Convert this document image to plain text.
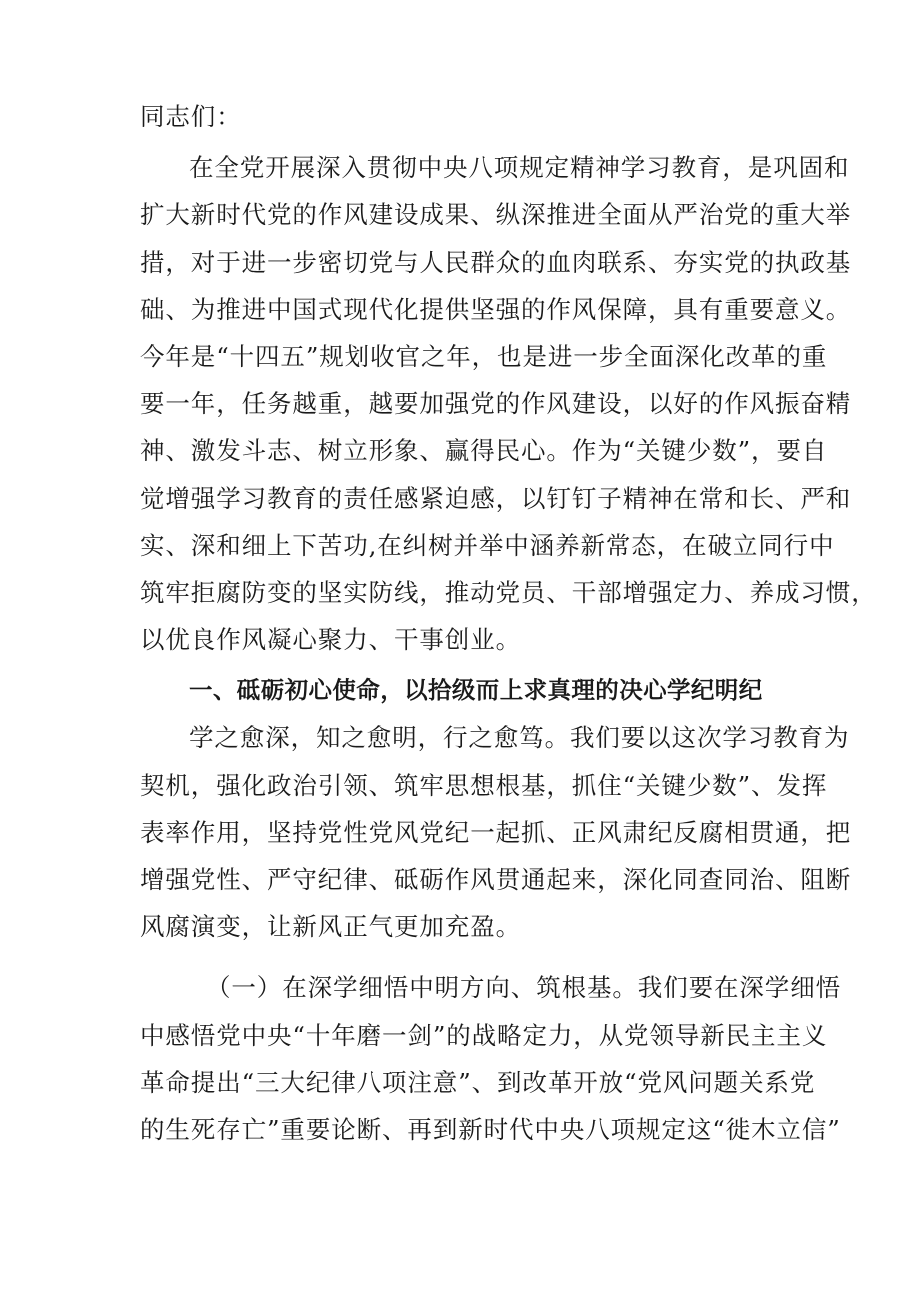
同志们：
在全党开展深入贯彻中央八项规定精神学习教育，是巩固和
扩大新时代党的作风建设成果、纵深推进全面从严治党的重大举
措，对于进一步密切党与人民群众的血肉联系、夯实党的执政基
础、为推进中国式现代化提供坚强的作风保障，具有重要意义。
今年是“十四五”规划收官之年，也是进一步全面深化改革的重
要一年，任务越重，越要加强党的作风建设，以好的作风振奋精
神、激发斗志、树立形象、赢得民心。作为“关键少数”，要自
觉增强学习教育的责任感紧迫感，以钉钉子精神在常和长、严和
实、深和细上下苦功,在纠树并举中涵养新常态，在破立同行中
筑牢拒腐防变的坚实防线，推动党员、干部增强定力、养成习惯，
以优良作风凝心聚力、干事创业。
一、砥砺初心使命，以拾级而上求真理的决心学纪明纪
学之愈深，知之愈明，行之愈笃。我们要以这次学习教育为
契机，强化政治引领、筑牢思想根基，抓住“关键少数”、发挥
表率作用，坚持党性党风党纪一起抓、正风肃纪反腐相贯通，把
增强党性、严守纪律、砥砺作风贯通起来，深化同查同治、阻断
风腐演变，让新风正气更加充盈。
（一）在深学细悟中明方向、筑根基。我们要在深学细悟
中感悟党中央“十年磨一剑”的战略定力，从党领导新民主主义
革命提出“三大纪律八项注意”、到改革开放“党风问题关系党
的生死存亡”重要论断、再到新时代中央八项规定这“徙木立信”
